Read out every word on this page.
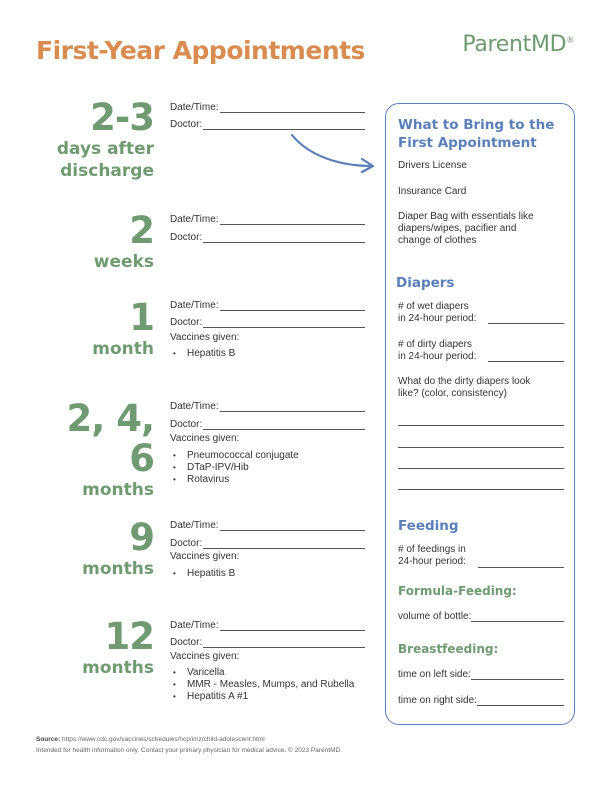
First-Year Appointments	ParentMD®
2-3
days after
discharge
Date/Time:
Doctor:
2
weeks
Date/Time:
Doctor:
1
month
Date/Time:
Doctor:
Vaccines given:
• Hepatitis B
2, 4, 6
months
Date/Time:
Doctor:
Vaccines given:
• Pneumococcal conjugate
• DTaP-IPV/Hib
• Rotavirus
9
months
Date/Time:
Doctor:
Vaccines given:
• Hepatitis B
12
months
Date/Time:
Doctor:
Vaccines given:
• Varicella
• MMR - Measles, Mumps, and Rubella
• Hepatitis A #1
What to Bring to the
First Appointment
Drivers License
Insurance Card
Diaper Bag with essentials like
diapers/wipes, pacifier and
change of clothes
Diapers
# of wet diapers
in 24-hour period:
# of dirty diapers
in 24-hour period:
What do the dirty diapers look
like? (color, consistency)
Feeding
# of feedings in
24-hour period:
Formula-Feeding:
volume of bottle:
Breastfeeding:
time on left side:
time on right side:
Source: https://www.cdc.gov/vaccines/schedules/hcp/imz/child-adolescent.html
Intended for health information only. Contact your primary physician for medical advice. © 2023 ParentMD.
